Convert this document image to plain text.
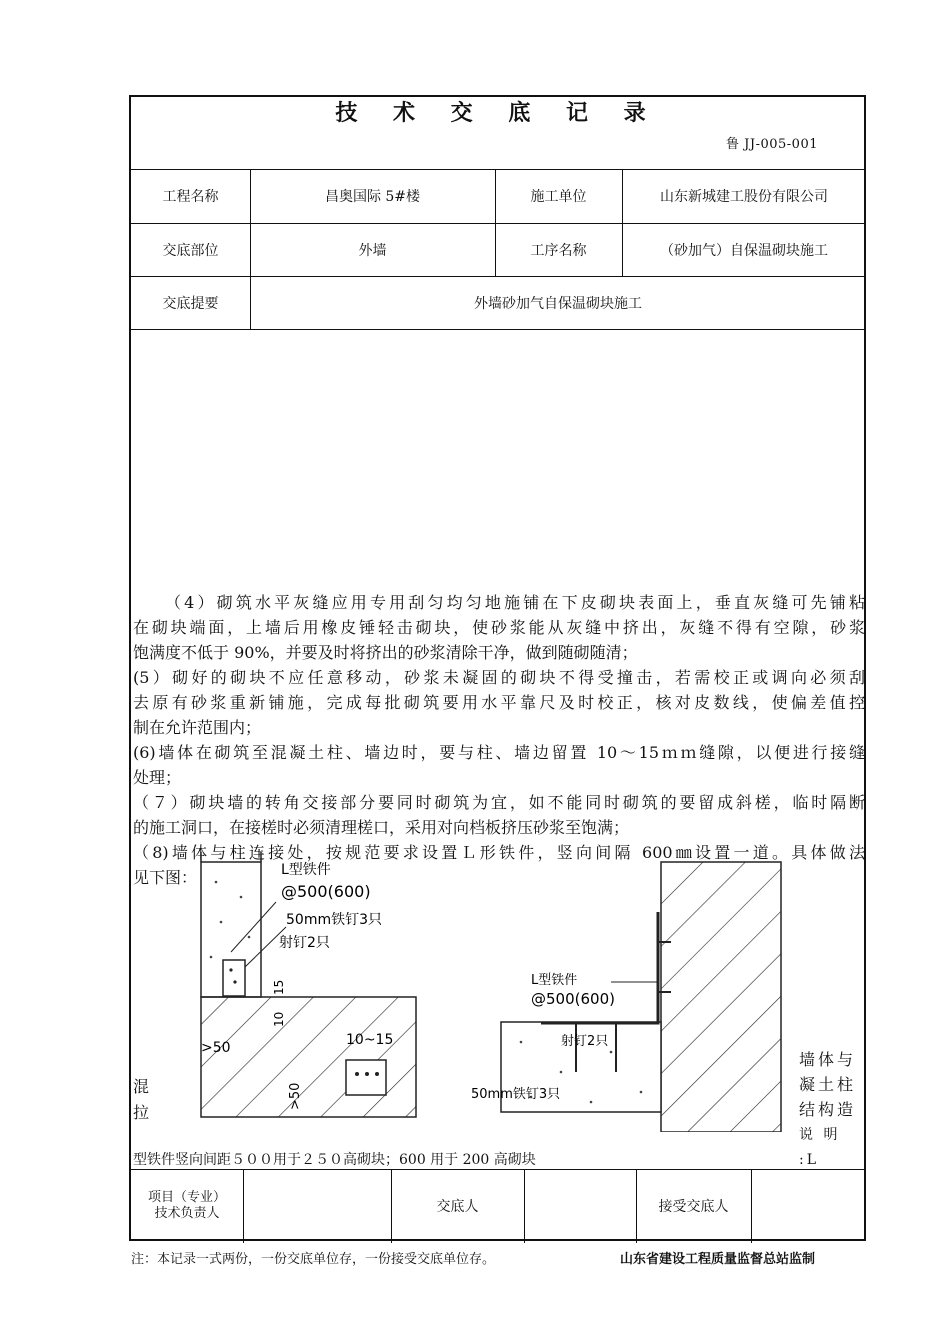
技 术 交 底 记 录
鲁 JJ-005-001
工程名称	昌奥国际 5#楼	施工单位	山东新城建工股份有限公司
交底部位	外墙	工序名称	（砂加气）自保温砌块施工
交底提要	外墙砂加气自保温砌块施工

（4）砌筑水平灰缝应用专用刮匀均匀地施铺在下皮砌块表面上，垂直灰缝可先铺粘

在砌块端面，上墙后用橡皮锤轻击砌块，使砂浆能从灰缝中挤出，灰缝不得有空隙，砂浆

饱满度不低于 90%，并要及时将挤出的砂浆清除干净，做到随砌随清；

(5）砌好的砌块不应任意移动，砂浆未凝固的砌块不得受撞击，若需校正或调向必须刮

去原有砂浆重新铺施，完成每批砌筑要用水平靠尺及时校正，核对皮数线，使偏差值控

制在允许范围内；

(6)墙体在砌筑至混凝土柱、墙边时，要与柱、墙边留置 10～15ｍｍ缝隙，以便进行接缝

处理；

（７）砌块墙的转角交接部分要同时砌筑为宜，如不能同时砌筑的要留成斜槎，临时隔断

的施工洞口，在接槎时必须清理槎口，采用对向档板挤压砂浆至饱满；

（8)墙体与柱连接处，按规范要求设置Ｌ形铁件，竖向间隔 600㎜设置一道。具体做法

见下图：

混
拉
墙体与
凝土柱
结构造
说 明 :L
型铁件竖向间距５００用于２５０高砌块；600 用于 200 高砌块
L型铁件
@500(600)
50mm铁钉3只
射钉2只
15
10
>50	10~15
>50
L型铁件
@500(600)
射钉2只
50mm铁钉3只
项目（专业）
技术负责人	交底人	接受交底人
注：本记录一式两份，一份交底单位存，一份接受交底单位存。	山东省建设工程质量监督总站监制
